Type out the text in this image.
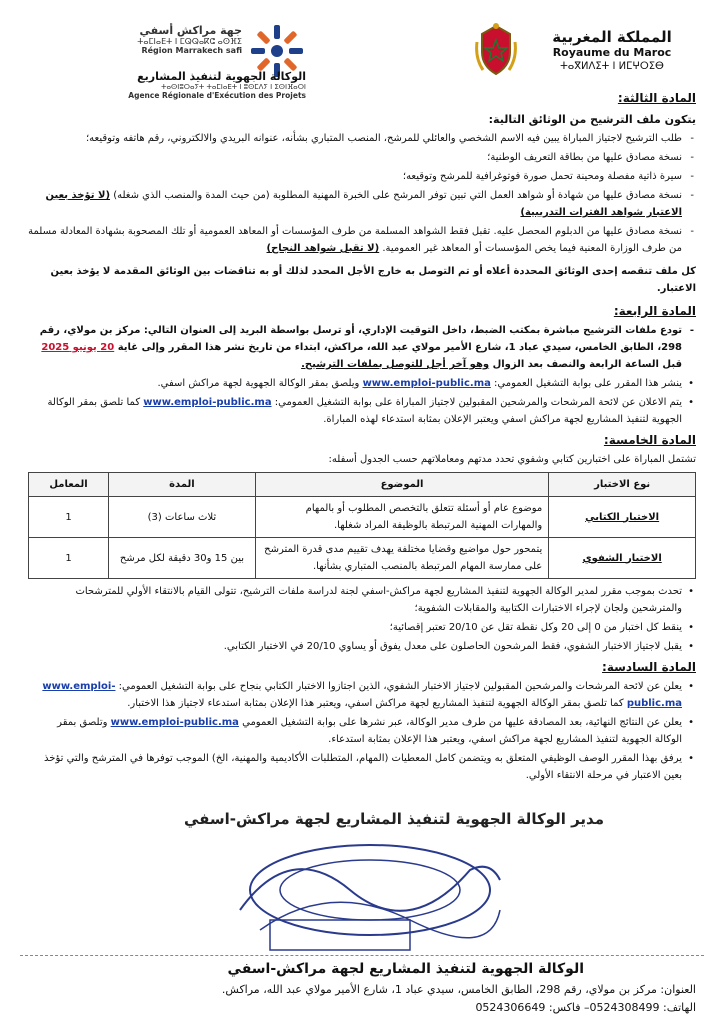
المملكة المغربية
Royaume du Maroc
ⵜⴰⴳⵍⴷⵉⵜ ⵏ ⵍⵎⵖⵔⵉⴱ
جهة مراكش أسفي
ⵜⴰⵎⵏⴰⴹⵜ ⵏ ⵎⵕⵕⴰⴽⵛ ⴰⵙⴼⵉ
Région Marrakech safi
الوكالة الجهوية لتنفيذ المشاريع
ⵜⴰⵙⵏⵓⵔⴰⵢⵜ ⵜⴰⵎⵏⴰⴹⵜ ⵏ ⵓⵙⵎⴷⵢ ⵏ ⵉⵙⵏⴼⴰⵔⵏ
Agence Régionale d'Exécution des Projets	المادة الثالثة:
يتكون ملف الترشيح من الوثائق التالية:
- طلب الترشيح لاجتياز المباراة يبين فيه الاسم الشخصي والعائلي للمرشح، المنصب المتباري بشأنه، عنوانه البريدي والالكتروني، رقم هاتفه وتوقيعه؛
- نسخة مصادق عليها من بطاقة التعريف الوطنية؛
- سيرة ذاتية مفصلة ومحينة تحمل صورة فوتوغرافية للمرشح وتوقيعه؛
- نسخة مصادق عليها من شهادة أو شواهد العمل التي تبين توفر المرشح على الخبرة المهنية المطلوبة (من حيث المدة والمنصب الذي شغله) (لا تؤخذ بعين الاعتبار شواهد الفترات التدريبية)
- نسخة مصادق عليها من الدبلوم المحصل عليه. تقبل فقط الشواهد المسلمة من طرف المؤسسات أو المعاهد العمومية أو تلك المصحوبة بشهادة المعادلة مسلمة من طرف الوزارة المعنية فيما يخص المؤسسات أو المعاهد غير العمومية. (لا تقبل شواهد النجاح)
كل ملف تنقصه إحدى الوثائق المحددة أعلاه أو تم التوصل به خارج الأجل المحدد لذلك أو به تناقضات بين الوثائق المقدمة لا يؤخذ بعين الاعتبار.
المادة الرابعة:
- تودع ملفات الترشيح مباشرة بمكتب الضبط، داخل التوقيت الإداري، أو ترسل بواسطة البريد إلى العنوان التالي: مركز بن مولاي، رقم 298، الطابق الخامس، سيدي عباد 1، شارع الأمير مولاي عبد الله، مراكش، ابتداء من تاريخ نشر هذا المقرر وإلى غاية 20 يونيو 2025 قبل الساعة الرابعة والنصف بعد الزوال وهو آخر أجل للتوصل بملفات الترشيح.
• ينشر هذا المقرر على بوابة التشغيل العمومي: www.emploi-public.ma ويلصق بمقر الوكالة الجهوية لجهة مراكش اسفي.
• يتم الاعلان عن لائحة المرشحات والمرشحين المقبولين لاجتياز المباراة على بوابة التشغيل العمومي: www.emploi-public.ma كما تلصق بمقر الوكالة الجهوية لتنفيذ المشاريع لجهة مراكش اسفي ويعتبر الإعلان بمثابة استدعاء لهذه المباراة.
المادة الخامسة:
تشتمل المباراة على اختبارين كتابي وشفوي تحدد مدتهم ومعاملاتهم حسب الجدول أسفله:
نوع الاختبار	الموضوع	المدة	المعامل
الاختبار الكتابي	موضوع عام أو أسئلة تتعلق بالتخصص المطلوب أو بالمهام والمهارات المهنية المرتبطة بالوظيفة المراد شغلها.	ثلاث ساعات (3)	1
الاختبار الشفوي	يتمحور حول مواضيع وقضايا مختلفة يهدف تقييم مدى قدرة المترشح على ممارسة المهام المرتبطة بالمنصب المتباري بشأنها.	بين 15 و30 دقيقة لكل مرشح	1
• تحدث بموجب مقرر لمدير الوكالة الجهوية لتنفيذ المشاريع لجهة مراكش-اسفي لجنة لدراسة ملفات الترشيح، تتولى القيام بالانتقاء الأولي للمترشحات والمترشحين ولجان لإجراء الاختبارات الكتابية والمقابلات الشفوية؛
• ينقط كل اختبار من 0 إلى 20 وكل نقطة تقل عن 20/10 تعتبر إقصائية؛
• يقبل لاجتياز الاختبار الشفوي، فقط المرشحون الحاصلون على معدل يفوق أو يساوي 20/10 في الاختبار الكتابي.
المادة السادسة:
• يعلن عن لائحة المرشحات والمرشحين المقبولين لاجتياز الاختبار الشفوي، الذين اجتازوا الاختبار الكتابي بنجاح على بوابة التشغيل العمومي: www.emploi-public.ma كما تلصق بمقر الوكالة الجهوية لتنفيذ المشاريع لجهة مراكش اسفي، ويعتبر هذا الإعلان بمثابة استدعاء لاجتياز هذا الاختبار.
• يعلن عن النتائج النهائية، بعد المصادقة عليها من طرف مدير الوكالة، عبر نشرها على بوابة التشغيل العمومي www.emploi-public.ma وتلصق بمقر الوكالة الجهوية لتنفيذ المشاريع لجهة مراكش اسفي، ويعتبر هذا الإعلان بمثابة استدعاء.
• يرفق بهذا المقرر الوصف الوظيفي المتعلق به ويتضمن كامل المعطيات (المهام، المتطلبات الأكاديمية والمهنية، الخ) الموجب توفرها في المترشح والتي تؤخذ بعين الاعتبار في مرحلة الانتقاء الأولي.
مدير الوكالة الجهوية لتنفيذ المشاريع لجهة مراكش-اسفي
الوكالة الجهوية لتنفيذ المشاريع لجهة مراكش-اسفي
العنوان: مركز بن مولاي، رقم 298، الطابق الخامس، سيدي عباد 1، شارع الأمير مولاي عبد الله، مراكش.
الهاتف: 0524308499– فاكس: 0524306649
